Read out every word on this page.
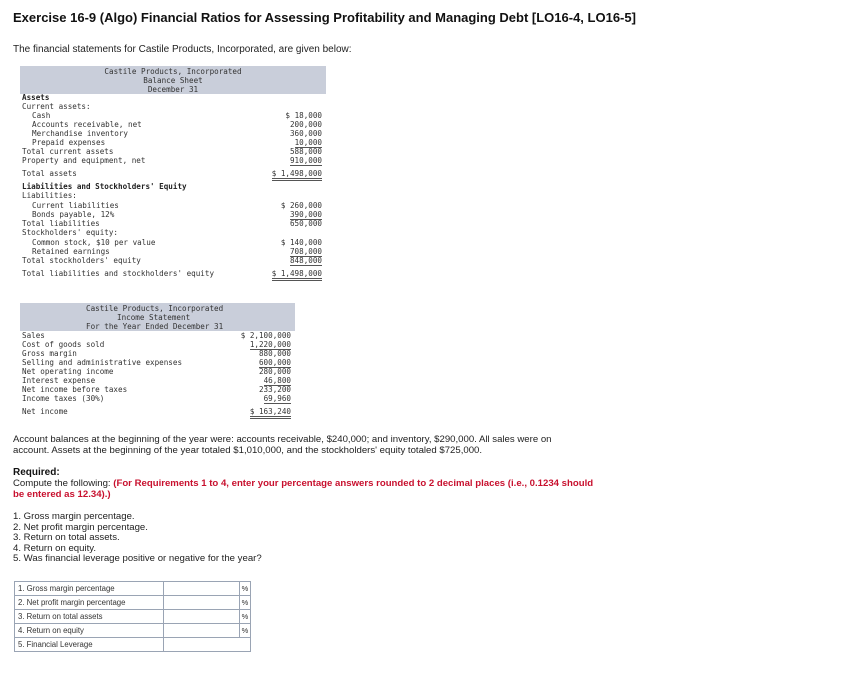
Exercise 16-9 (Algo) Financial Ratios for Assessing Profitability and Managing Debt [LO16-4, LO16-5]
The financial statements for Castile Products, Incorporated, are given below:
Castile Products, Incorporated
Balance Sheet
December 31
Assets
Current assets:
Cash	$ 18,000
Accounts receivable, net	200,000
Merchandise inventory	360,000
Prepaid expenses	10,000
Total current assets	588,000
Property and equipment, net	910,000
Total assets	$ 1,498,000
Liabilities and Stockholders' Equity
Liabilities:
Current liabilities	$ 260,000
Bonds payable, 12%	390,000
Total liabilities	650,000
Stockholders' equity:
Common stock, $10 per value	$ 140,000
Retained earnings	708,000
Total stockholders' equity	848,000
Total liabilities and stockholders' equity	$ 1,498,000
Castile Products, Incorporated
Income Statement
For the Year Ended December 31
Sales	$ 2,100,000
Cost of goods sold	1,220,000
Gross margin	880,000
Selling and administrative expenses	600,000
Net operating income	280,000
Interest expense	46,800
Net income before taxes	233,200
Income taxes (30%)	69,960
Net income	$ 163,240
Account balances at the beginning of the year were: accounts receivable, $240,000; and inventory, $290,000. All sales were on
account. Assets at the beginning of the year totaled $1,010,000, and the stockholders' equity totaled $725,000.
Required:
Compute the following: (For Requirements 1 to 4, enter your percentage answers rounded to 2 decimal places (i.e., 0.1234 should be entered as 12.34).)
1. Gross margin percentage.
2. Net profit margin percentage.
3. Return on total assets.
4. Return on equity.
5. Was financial leverage positive or negative for the year?
1. Gross margin percentage		%
2. Net profit margin percentage		%
3. Return on total assets		%
4. Return on equity		%
5. Financial Leverage		
